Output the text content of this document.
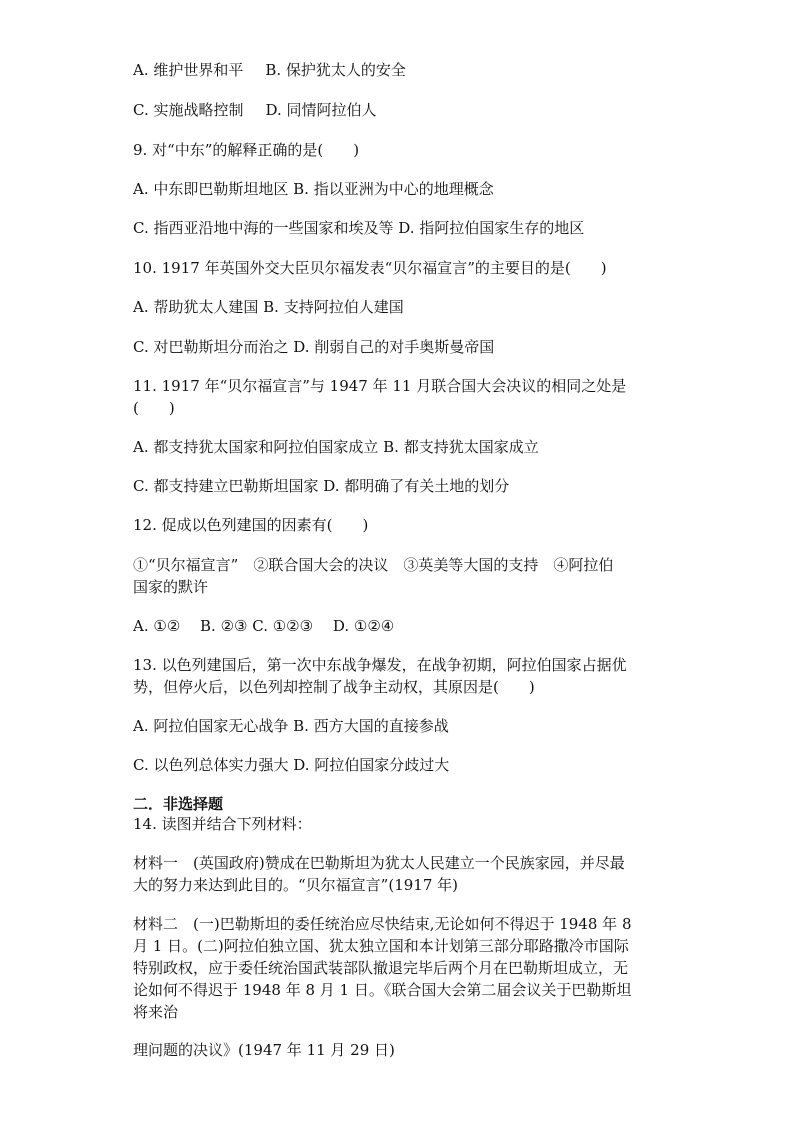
A. 维护世界和平 B. 保护犹太人的安全
C. 实施战略控制 D. 同情阿拉伯人
9. 对“中东”的解释正确的是(　　)
A. 中东即巴勒斯坦地区 B. 指以亚洲为中心的地理概念
C. 指西亚沿地中海的一些国家和埃及等 D. 指阿拉伯国家生存的地区
10. 1917 年英国外交大臣贝尔福发表“贝尔福宣言”的主要目的是(　　)
A. 帮助犹太人建国 B. 支持阿拉伯人建国
C. 对巴勒斯坦分而治之 D. 削弱自己的对手奥斯曼帝国
11. 1917 年“贝尔福宣言”与 1947 年 11 月联合国大会决议的相同之处是
(　　)
A. 都支持犹太国家和阿拉伯国家成立 B. 都支持犹太国家成立
C. 都支持建立巴勒斯坦国家 D. 都明确了有关土地的划分
12. 促成以色列建国的因素有(　　)
①“贝尔福宣言”　②联合国大会的决议　③英美等大国的支持　④阿拉伯
国家的默许
A. ①②　 B. ②③ C. ①②③　 D. ①②④
13. 以色列建国后，第一次中东战争爆发，在战争初期，阿拉伯国家占据优
势，但停火后，以色列却控制了战争主动权，其原因是(　　)
A. 阿拉伯国家无心战争 B. 西方大国的直接参战
C. 以色列总体实力强大 D. 阿拉伯国家分歧过大
二．非选择题
14. 读图并结合下列材料：
材料一　(英国政府)赞成在巴勒斯坦为犹太人民建立一个民族家园，并尽最
大的努力来达到此目的。“贝尔福宣言”(1917 年)
材料二　(一)巴勒斯坦的委任统治应尽快结束,无论如何不得迟于 1948 年 8
月 1 日。(二)阿拉伯独立国、犹太独立国和本计划第三部分耶路撒冷市国际
特别政权，应于委任统治国武装部队撤退完毕后两个月在巴勒斯坦成立，无
论如何不得迟于 1948 年 8 月 1 日。《联合国大会第二届会议关于巴勒斯坦
将来治
理问题的决议》(1947 年 11 月 29 日)
